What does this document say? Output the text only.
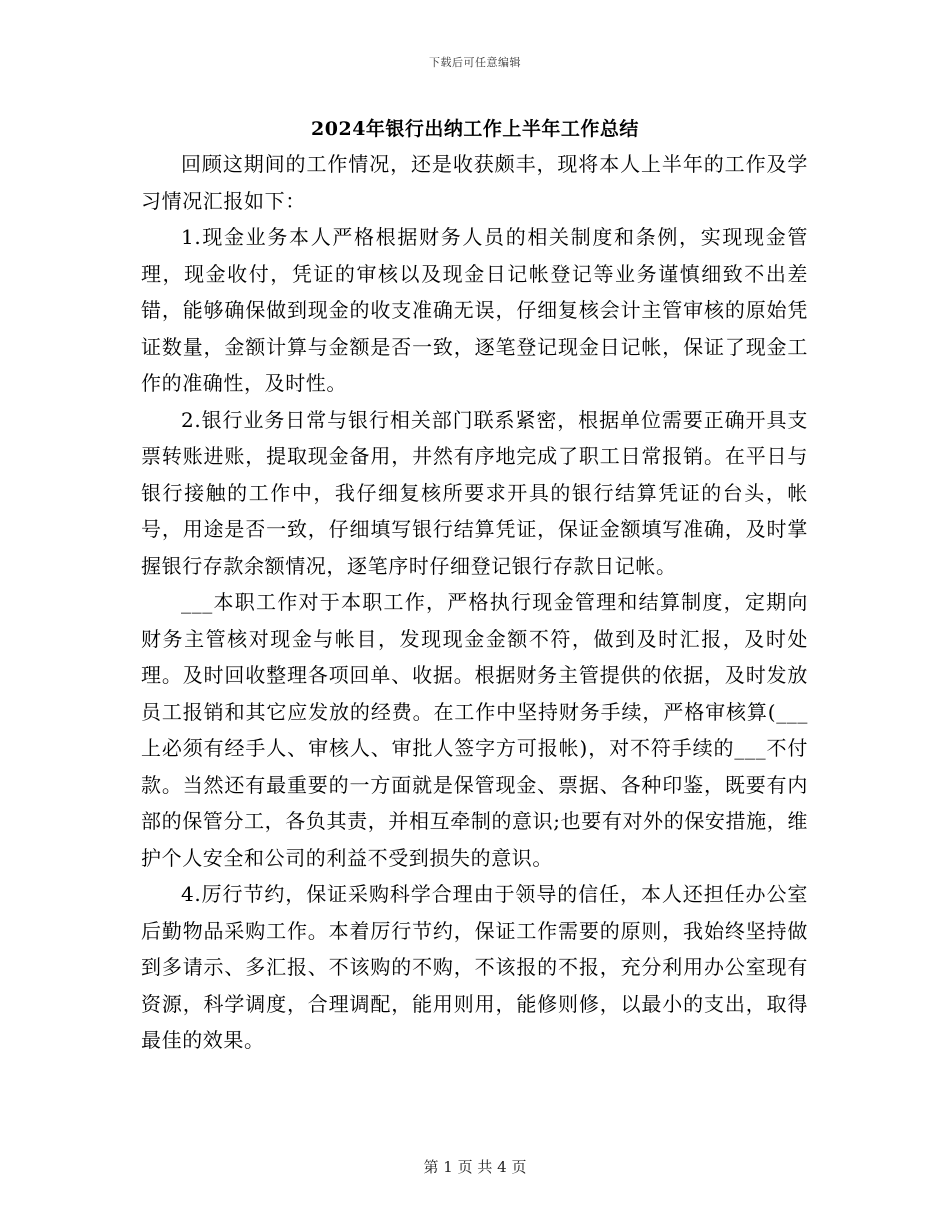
下载后可任意编辑
2024年银行出纳工作上半年工作总结

回顾这期间的工作情况，还是收获颇丰，现将本人上半年的工作及学习情况汇报如下：

1.现金业务本人严格根据财务人员的相关制度和条例，实现现金管理，现金收付，凭证的审核以及现金日记帐登记等业务谨慎细致不出差错，能够确保做到现金的收支准确无误，仔细复核会计主管审核的原始凭证数量，金额计算与金额是否一致，逐笔登记现金日记帐，保证了现金工作的准确性，及时性。

2.银行业务日常与银行相关部门联系紧密，根据单位需要正确开具支票转账进账，提取现金备用，井然有序地完成了职工日常报销。在平日与银行接触的工作中，我仔细复核所要求开具的银行结算凭证的台头，帐号，用途是否一致，仔细填写银行结算凭证，保证金额填写准确，及时掌握银行存款余额情况，逐笔序时仔细登记银行存款日记帐。

___本职工作对于本职工作，严格执行现金管理和结算制度，定期向财务主管核对现金与帐目，发现现金金额不符，做到及时汇报，及时处理。及时回收整理各项回单、收据。根据财务主管提供的依据，及时发放员工报销和其它应发放的经费。在工作中坚持财务手续，严格审核算(___上必须有经手人、审核人、审批人签字方可报帐)，对不符手续的___不付款。当然还有最重要的一方面就是保管现金、票据、各种印鉴，既要有内部的保管分工，各负其责，并相互牵制的意识;也要有对外的保安措施，维护个人安全和公司的利益不受到损失的意识。

4.厉行节约，保证采购科学合理由于领导的信任，本人还担任办公室后勤物品采购工作。本着厉行节约，保证工作需要的原则，我始终坚持做到多请示、多汇报、不该购的不购，不该报的不报，充分利用办公室现有资源，科学调度，合理调配，能用则用，能修则修，以最小的支出，取得最佳的效果。

第 1 页 共 4 页
